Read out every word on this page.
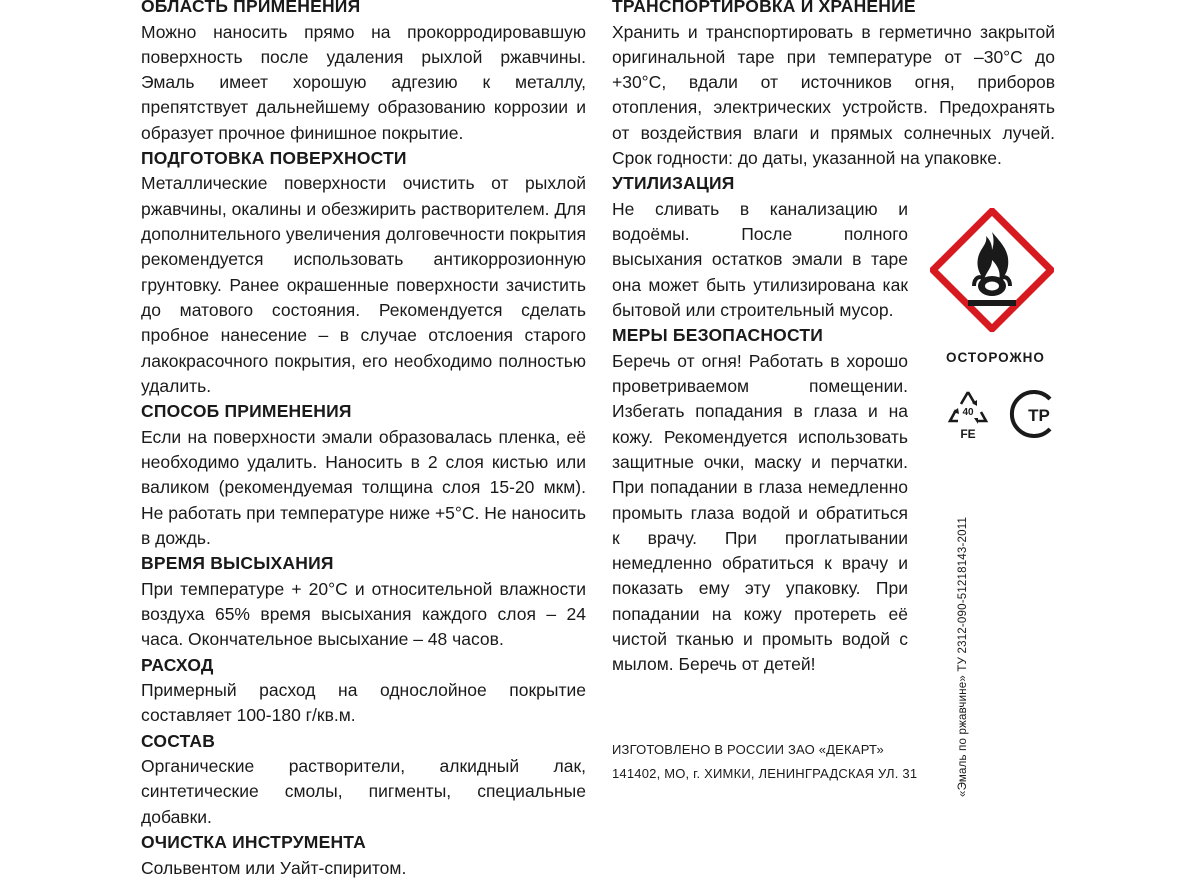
ОБЛАСТЬ ПРИМЕНЕНИЯ

Можно наносить прямо на прокорродировавшую поверхность после удаления рыхлой ржавчины. Эмаль имеет хорошую адгезию к металлу, препятствует дальнейшему образованию коррозии и образует прочное финишное покрытие.

ПОДГОТОВКА ПОВЕРХНОСТИ

Металлические поверхности очистить от рыхлой ржавчины, окалины и обезжирить растворителем. Для дополнительного увеличения долговечности покрытия рекомендуется использовать антикоррозионную грунтовку. Ранее окрашенные поверхности зачистить до матового состояния. Рекомендуется сделать пробное нанесение – в случае отслоения старого лакокрасочного покрытия, его необходимо полностью удалить.

СПОСОБ ПРИМЕНЕНИЯ

Если на поверхности эмали образовалась пленка, её необходимо удалить. Наносить в 2 слоя кистью или валиком (рекомендуемая толщина слоя 15-20 мкм). Не работать при температуре ниже +5°С. Не наносить в дождь.

ВРЕМЯ ВЫСЫХАНИЯ

При температуре + 20°С и относительной влажности воздуха 65% время высыхания каждого слоя – 24 часа. Окончательное высыхание – 48 часов.

РАСХОД

Примерный расход на однослойное покрытие составляет 100-180 г/кв.м.

СОСТАВ

Органические растворители, алкидный лак, синтетические смолы, пигменты, специальные добавки.

ОЧИСТКА ИНСТРУМЕНТА

Сольвентом или Уайт-спиритом.

ТРАНСПОРТИРОВКА И ХРАНЕНИЕ

Хранить и транспортировать в герметично закрытой оригинальной таре при температуре от –30°С до +30°С, вдали от источников огня, приборов отопления, электрических устройств. Предохранять от воздействия влаги и прямых солнечных лучей. Срок годности: до даты, указанной на упаковке.

УТИЛИЗАЦИЯ

Не сливать в канализацию и водоёмы. После полного высыхания остатков эмали в таре она может быть утилизирована как бытовой или строительный мусор.

МЕРЫ БЕЗОПАСНОСТИ

Беречь от огня! Работать в хорошо проветриваемом помещении. Избегать попадания в глаза и на кожу. Рекомендуется использовать защитные очки, маску и перчатки. При попадании в глаза немедленно промыть глаза водой и обратиться к врачу. При проглатывании немедленно обратиться к врачу и показать ему эту упаковку. При попадании на кожу протереть её чистой тканью и промыть водой с мылом. Беречь от детей!

ОСТОРОЖНО
40
FE
TP
ИЗГОТОВЛЕНО В РОССИИ ЗАО «ДЕКАРТ»
141402, МО, г. ХИМКИ, ЛЕНИНГРАДСКАЯ УЛ. 31	«Эмаль по ржавчине» ТУ 2312-090-51218143-2011
